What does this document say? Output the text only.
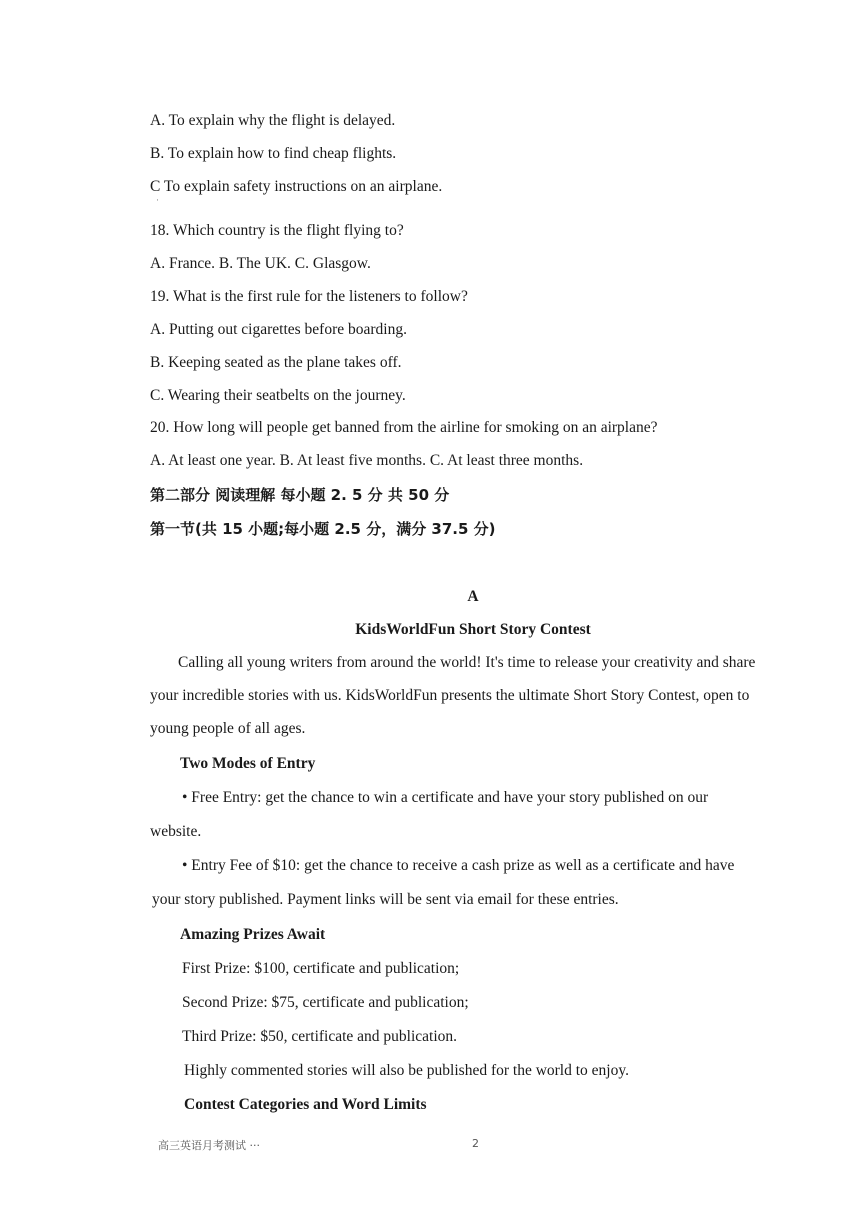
A. To explain why the flight is delayed.
B. To explain how to find cheap flights.
C To explain safety instructions on an airplane.
·
18. Which country is the flight flying to?
A. France. B. The UK. C. Glasgow.
19. What is the first rule for the listeners to follow?
A. Putting out cigarettes before boarding.
B. Keeping seated as the plane takes off.
C. Wearing their seatbelts on the journey.
20. How long will people get banned from the airline for smoking on an airplane?
A. At least one year. B. At least five months. C. At least three months.
第二部分 阅读理解 每小题 2. 5 分 共 50 分
第一节(共 15 小题;每小题 2.5 分，满分 37.5 分)
A
KidsWorldFun Short Story Contest
Calling all young writers from around the world! It's time to release your creativity and share
your incredible stories with us. KidsWorldFun presents the ultimate Short Story Contest, open to
young people of all ages.
Two Modes of Entry
• Free Entry: get the chance to win a certificate and have your story published on our
website.
• Entry Fee of $10: get the chance to receive a cash prize as well as a certificate and have
your story published. Payment links will be sent via email for these entries.
Amazing Prizes Await
First Prize: $100, certificate and publication;
Second Prize: $75, certificate and publication;
Third Prize: $50, certificate and publication.
Highly commented stories will also be published for the world to enjoy.
Contest Categories and Word Limits
高三英语月考测试 ···	2
